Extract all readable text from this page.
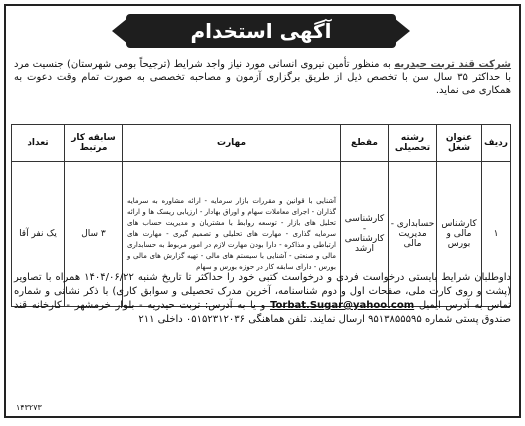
آگهی استخدام
شرکت قند تربت حیدریه به منظور تأمین نیروی انسانی مورد نیاز واجد شرایط (ترجیحاً بومی شهرستان) جنسیت مرد با حداکثر ۳۵ سال سن با تخصص ذیل از طریق برگزاری آزمون و مصاحبه تخصصی به صورت تمام وقت دعوت به همکاری می نماید.
ردیف	عنوان شغل	رشته تحصیلی	مقطع	مهارت	سابقه کار مرتبط	تعداد
۱	کارشناس مالی و بورس	حسابداری - مدیریت مالی	کارشناسی - کارشناسی ارشد	آشنایی با قوانین و مقررات بازار سرمایه - ارائه مشاوره به سرمایه گذاران - اجرای معاملات سهام و اوراق بهادار - ارزیابی ریسک ها و ارائه تحلیل های بازار - توسعه روابط با مشتریان و مدیریت حساب های سرمایه گذاری - مهارت های تحلیلی و تصمیم گیری - مهارت های ارتباطی و مذاکره - دارا بودن مهارت لازم در امور مربوط به حسابداری مالی و صنعتی - آشنایی با سیستم های مالی - تهیه گزارش های مالی و بورس - دارای سابقه کار در حوزه بورس و سهام	۳ سال	یک نفر آقا
داوطلبان شرایط بایستی درخواست فردی و درخواست کتبی خود را حداکثر تا تاریخ شنبه ۱۴۰۴/۰۶/۲۲ همراه با تصاویر (پشت و روی کارت ملی، صفحات اول و دوم شناسنامه، آخرین مدرک تحصیلی و سوابق کاری) با ذکر نشانی و شماره تماس به آدرس ایمیل Torbat.Sugar@yahoo.com و یا به آدرس: تربت حیدریه - بلوار خرمشهر - کارخانه قند صندوق پستی شماره ۹۵۱۳۸۵۵۵۹۵ ارسال نمایند. تلفن هماهنگی ۰۵۱۵۲۳۱۲۰۳۶ داخلی ۲۱۱
۱۴۳۲۷۳
